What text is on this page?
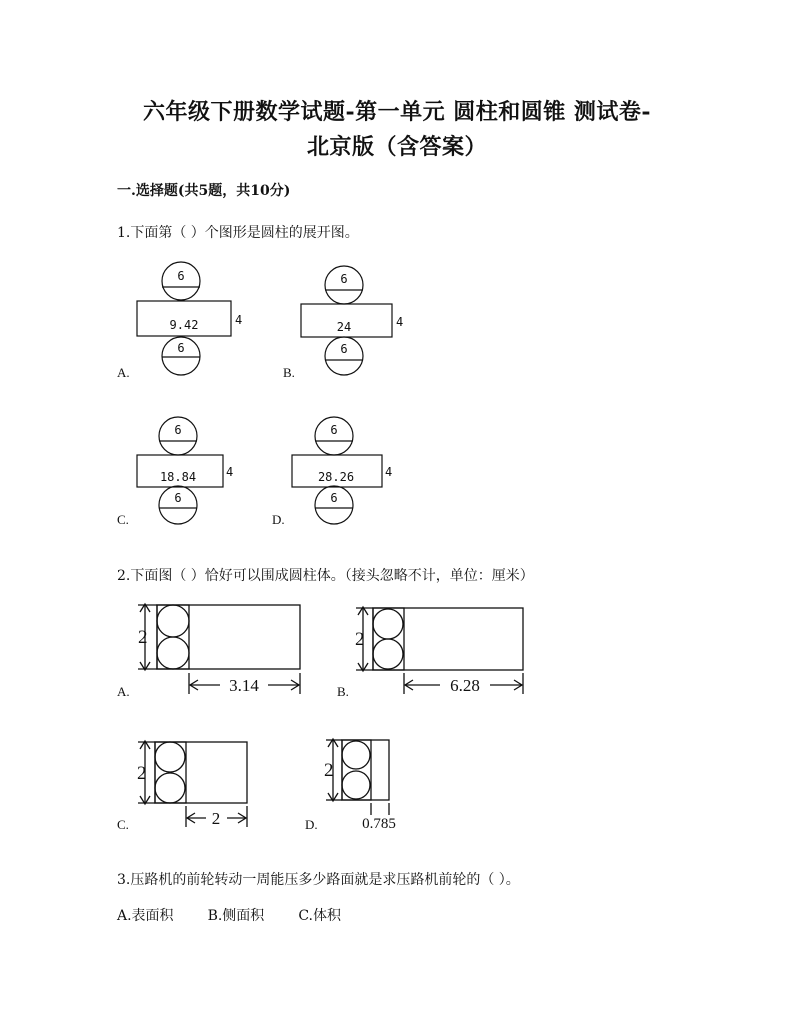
六年级下册数学试题-第一单元 圆柱和圆锥 测试卷-
北京版（含答案）
一.选择题(共5题，共10分)
1.下面第（ ）个图形是圆柱的展开图。
6
9.42	4
6
6
24	4
6
6
18.84 4
6
6
28.26	4
6
2
3.14
2
6.28
2
2
2
0.785
A.	B.
C.	D.
2.下面图（ ）恰好可以围成圆柱体。（接头忽略不计，单位：厘米）
A.	B.
C.	D.
3.压路机的前轮转动一周能压多少路面就是求压路机前轮的（ ）。
A.表面积 B.侧面积 C.体积
